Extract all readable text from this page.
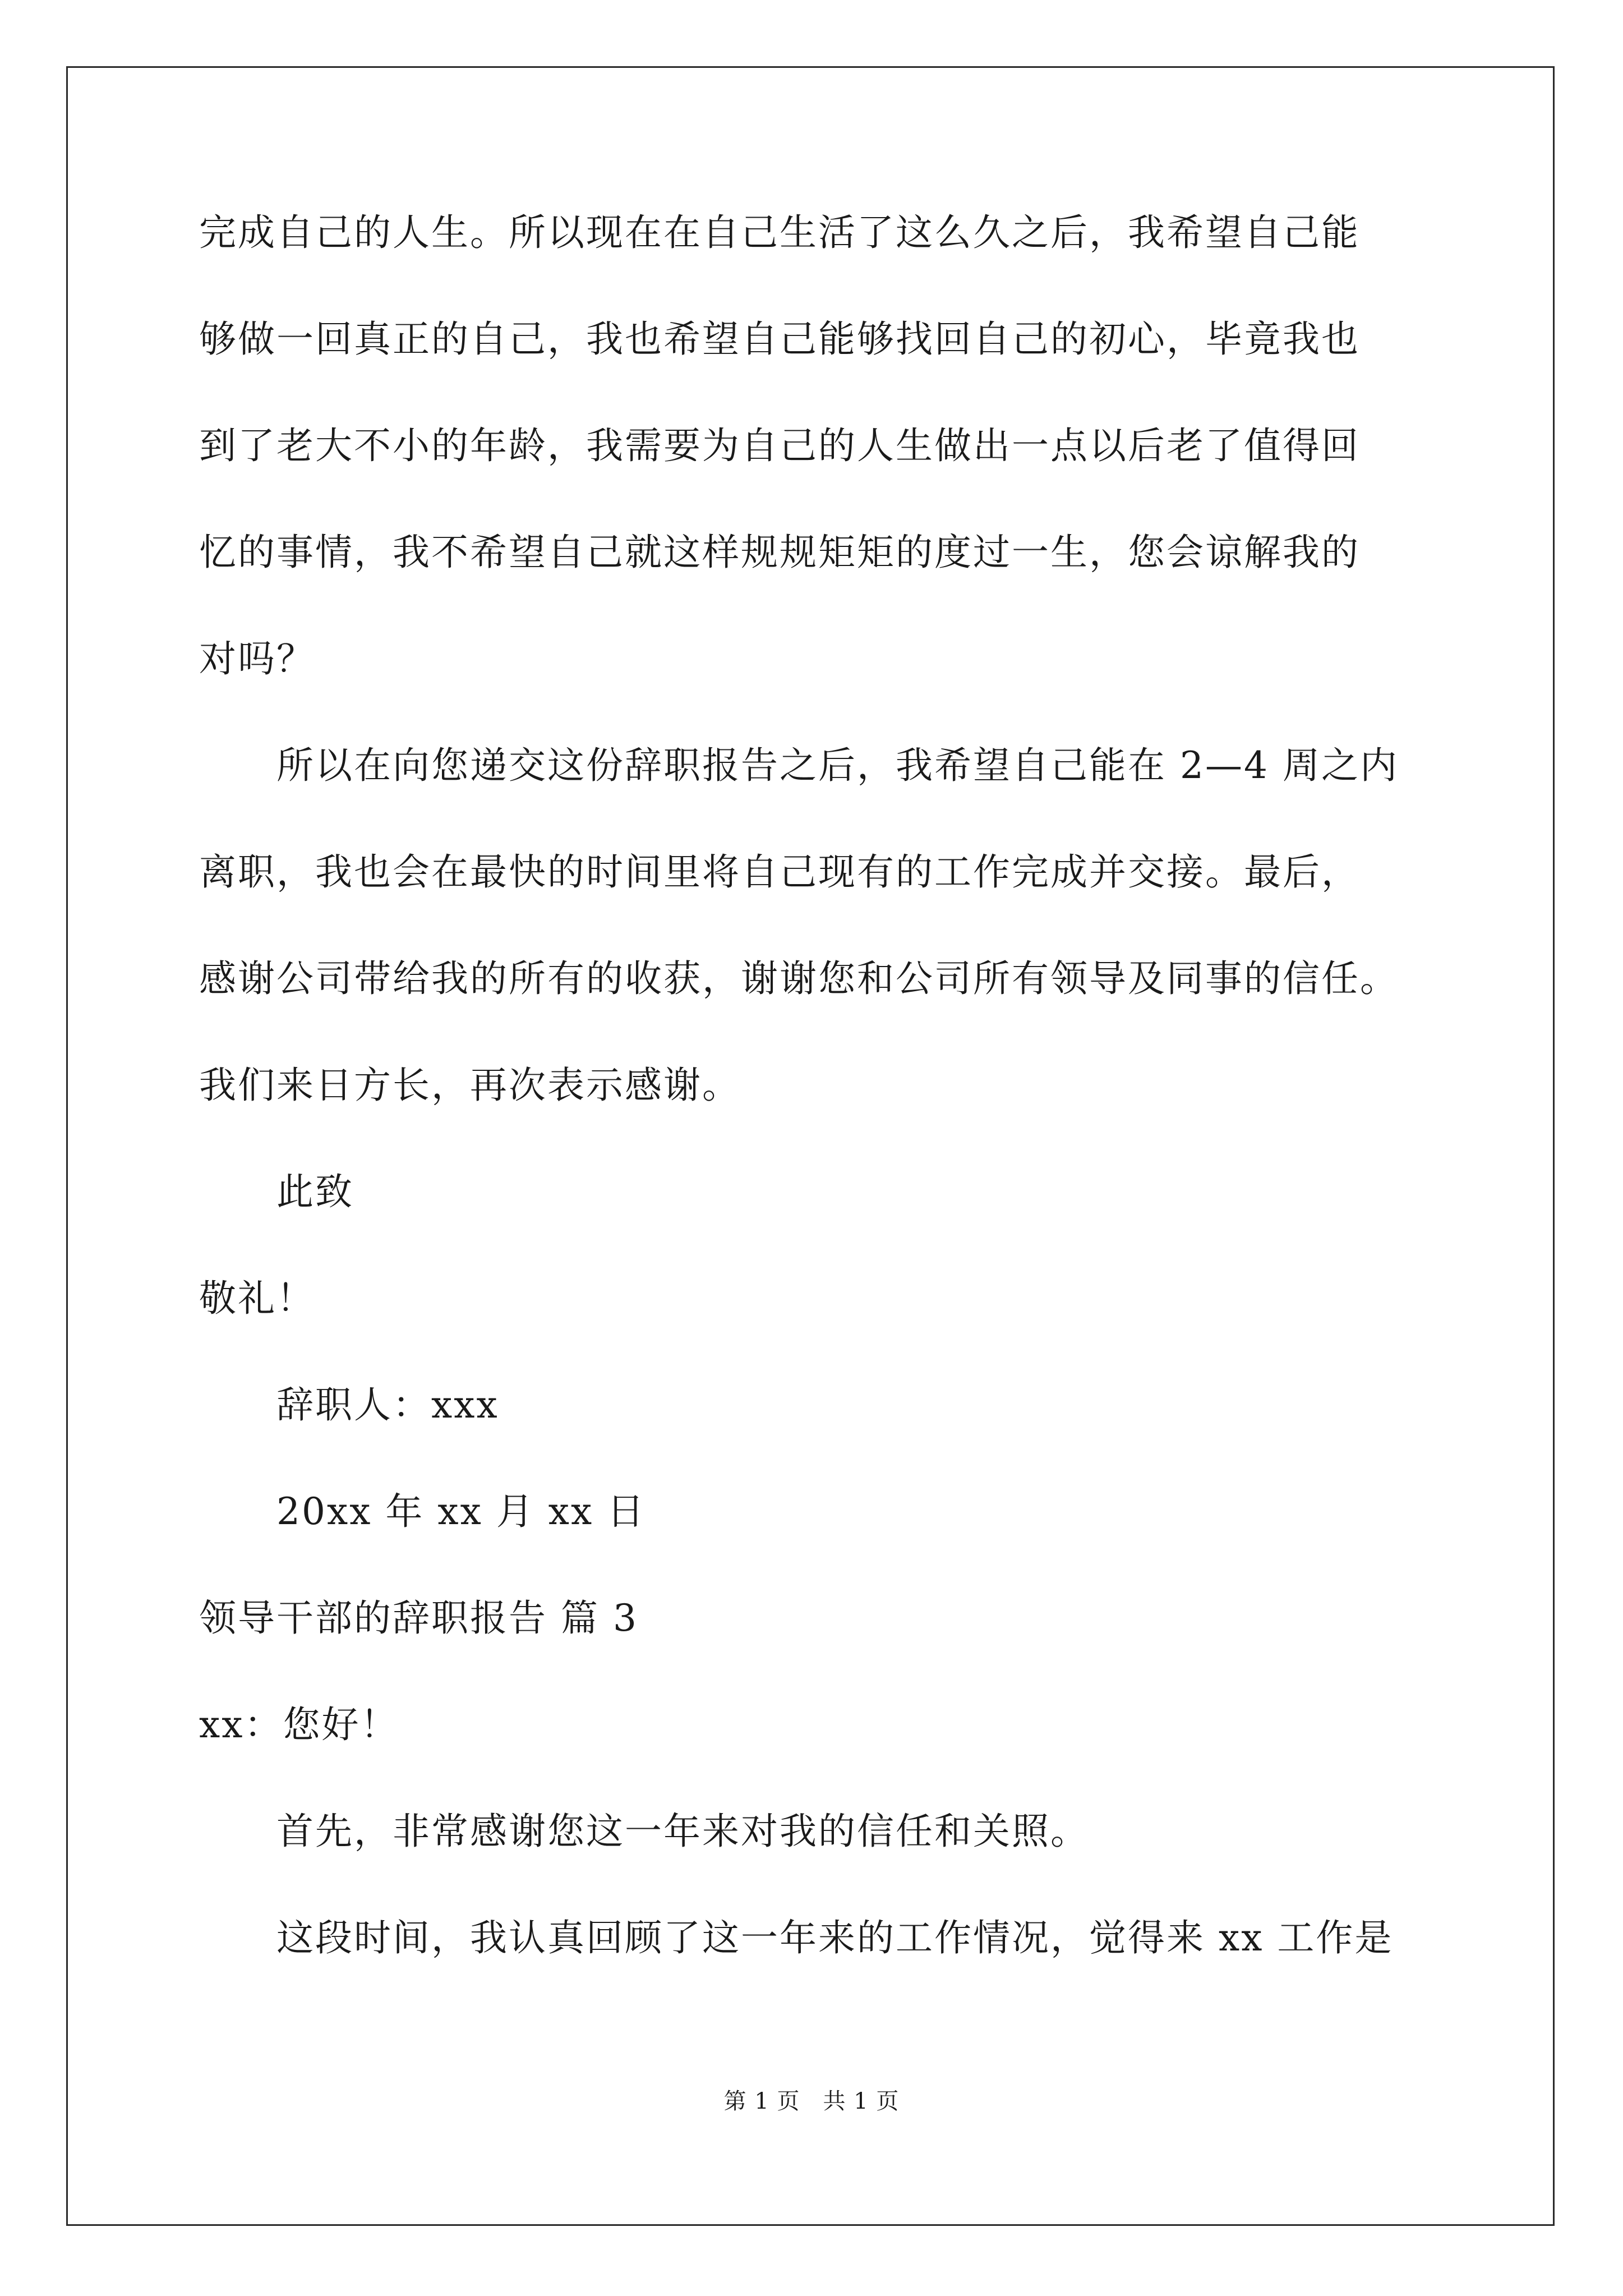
完成自己的人生。所以现在在自己生活了这么久之后，我希望自己能
够做一回真正的自己，我也希望自己能够找回自己的初心，毕竟我也
到了老大不小的年龄，我需要为自己的人生做出一点以后老了值得回
忆的事情，我不希望自己就这样规规矩矩的度过一生，您会谅解我的
对吗？
所以在向您递交这份辞职报告之后，我希望自己能在 2—4 周之内
离职，我也会在最快的时间里将自己现有的工作完成并交接。最后，
感谢公司带给我的所有的收获，谢谢您和公司所有领导及同事的信任。
我们来日方长，再次表示感谢。
此致
敬礼！
辞职人：xxx
20xx 年 xx 月 xx 日
领导干部的辞职报告 篇 3
xx：您好！
首先，非常感谢您这一年来对我的信任和关照。
这段时间，我认真回顾了这一年来的工作情况，觉得来 xx 工作是
第 1 页　共 1 页
